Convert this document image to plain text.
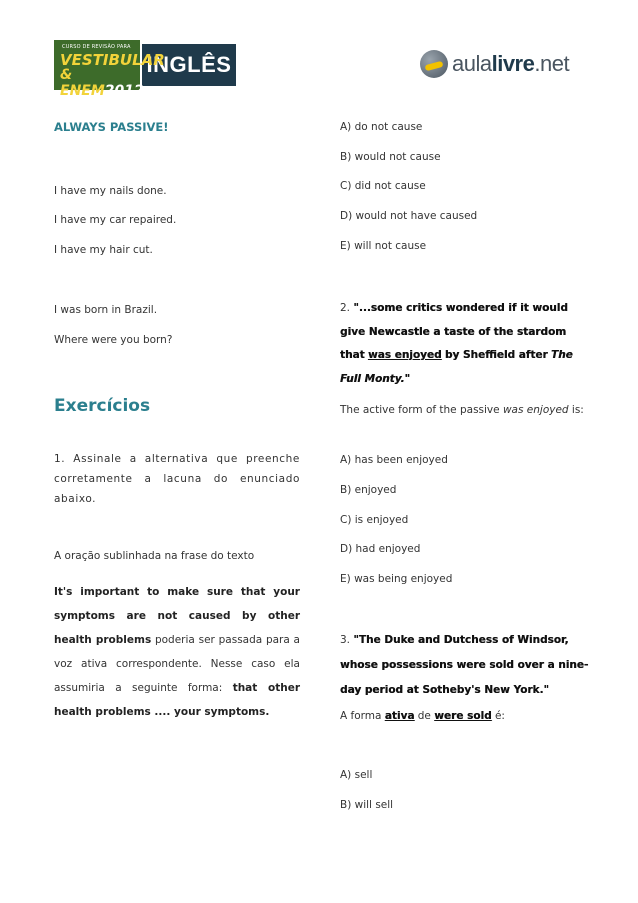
CURSO DE REVISÃO PARA
VESTIBULAR
& ENEM2012
INGLÊS	aulalivre.net
ALWAYS PASSIVE!
I have my nails done.
I have my car repaired.
I have my hair cut.
I was born in Brazil.
Where were you born?
Exercícios
1. Assinale a alternativa que preenche corretamente a lacuna do enunciado abaixo.
A oração sublinhada na frase do texto

It's important to make sure that your symptoms are not caused by other health problems poderia ser passada para a voz ativa correspondente. Nesse caso ela assumiria a seguinte forma: that other health problems .... your symptoms.
A) do not cause
B) would not cause
C) did not cause
D) would not have caused
E) will not cause
2. "...some critics wondered if it would give Newcastle a taste of the stardom that was enjoyed by Sheffield after The Full Monty."
The active form of the passive was enjoyed is:
A) has been enjoyed
B) enjoyed
C) is enjoyed
D) had enjoyed
E) was being enjoyed
3. "The Duke and Dutchess of Windsor, whose possessions were sold over a nine-day period at Sotheby's New York."
A forma ativa de were sold é:
A) sell
B) will sell
